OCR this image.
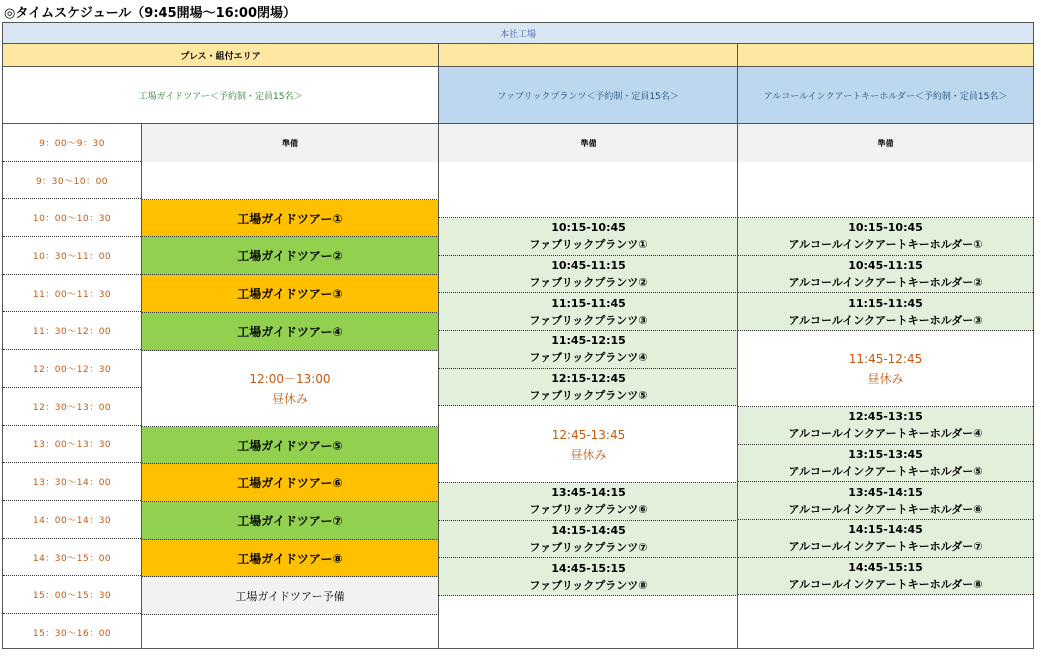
◎タイムスケジュール（9:45開場〜16:00閉場）
本社工場
プレス・組付エリア
工場ガイドツアー＜予約制・定員15名＞	ファブリックプランツ＜予約制・定員15名＞	アルコールインクアートキーホルダー＜予約制・定員15名＞
9：00〜9：30
9：30〜10：00
10：00〜10：30
10：30〜11：00
11：00〜11：30
11：30〜12：00
12：00〜12：30
12：30〜13：00
13：00〜13：30
13：30〜14：00
14：00〜14：30
14：30〜15：00
15：00〜15：30
15：30〜16：00
準備
工場ガイドツアー①
工場ガイドツアー②
工場ガイドツアー③
工場ガイドツアー④
12:00－13:00
昼休み
工場ガイドツアー⑤
工場ガイドツアー⑥
工場ガイドツアー⑦
工場ガイドツアー⑧
工場ガイドツアー予備
準備
10:15-10:45
ファブリックプランツ①
10:45-11:15
ファブリックプランツ②
11:15-11:45
ファブリックプランツ③
11:45-12:15
ファブリックプランツ④
12:15-12:45
ファブリックプランツ⑤
12:45-13:45
昼休み
13:45-14:15
ファブリックプランツ⑥
14:15-14:45
ファブリックプランツ⑦
14:45-15:15
ファブリックプランツ⑧
準備
10:15-10:45
アルコールインクアートキーホルダー①
10:45-11:15
アルコールインクアートキーホルダー②
11:15-11:45
アルコールインクアートキーホルダー③
11:45-12:45
昼休み
12:45-13:15
アルコールインクアートキーホルダー④
13:15-13:45
アルコールインクアートキーホルダー⑤
13:45-14:15
アルコールインクアートキーホルダー⑥
14:15-14:45
アルコールインクアートキーホルダー⑦
14:45-15:15
アルコールインクアートキーホルダー⑧
